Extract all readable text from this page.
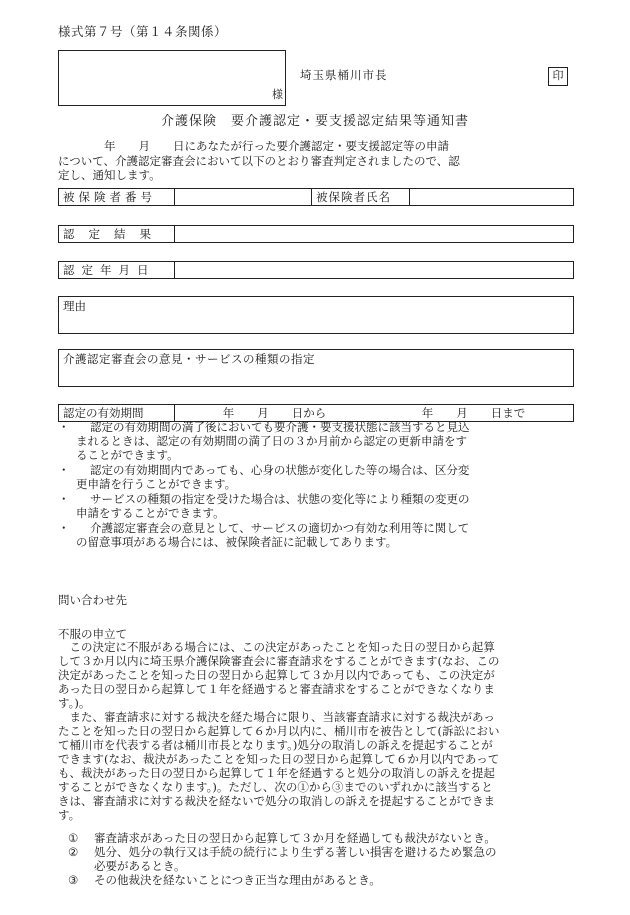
様式第７号（第１４条関係）
様
埼玉県桶川市長	印
介護保険　要介護認定・要支援認定結果等通知書
　　　　年　　月　　日にあなたが行った要介護認定・要支援認定等の申請
について、介護認定審査会において以下のとおり審査判定されましたので、認
定し、通知します。
被保険者番号	被保険者氏名
認定結果
認定年月日
理由
介護認定審査会の意見・サービスの種類の指定
認定の有効期間	年　　月　　日から	年　　月　　日まで
・	認定の有効期間の満了後においても要介護・要支援状態に該当すると見込
まれるときは、認定の有効期間の満了日の３か月前から認定の更新申請をす
ることができます。
・	認定の有効期間内であっても、心身の状態が変化した等の場合は、区分変
更申請を行うことができます。
・	サービスの種類の指定を受けた場合は、状態の変化等により種類の変更の
申請をすることができます。
・	介護認定審査会の意見として、サービスの適切かつ有効な利用等に関して
の留意事項がある場合には、被保険者証に記載してあります。
問い合わせ先
不服の申立て
　この決定に不服がある場合には、この決定があったことを知った日の翌日から起算
して３か月以内に埼玉県介護保険審査会に審査請求をすることができます(なお、この
決定があったことを知った日の翌日から起算して３か月以内であっても、この決定が
あった日の翌日から起算して１年を経過すると審査請求をすることができなくなりま
す。)。
　また、審査請求に対する裁決を経た場合に限り、当該審査請求に対する裁決があっ
たことを知った日の翌日から起算して６か月以内に、桶川市を被告として(訴訟におい
て桶川市を代表する者は桶川市長となります。)処分の取消しの訴えを提起することが
できます(なお、裁決があったことを知った日の翌日から起算して６か月以内であって
も、裁決があった日の翌日から起算して１年を経過すると処分の取消しの訴えを提起
することができなくなります。)。ただし、次の①から③までのいずれかに該当すると
きは、審査請求に対する裁決を経ないで処分の取消しの訴えを提起することができま
す。
① 審査請求があった日の翌日から起算して３か月を経過しても裁決がないとき。
② 処分、処分の執行又は手続の続行により生ずる著しい損害を避けるため緊急の
必要があるとき。
③ その他裁決を経ないことにつき正当な理由があるとき。
